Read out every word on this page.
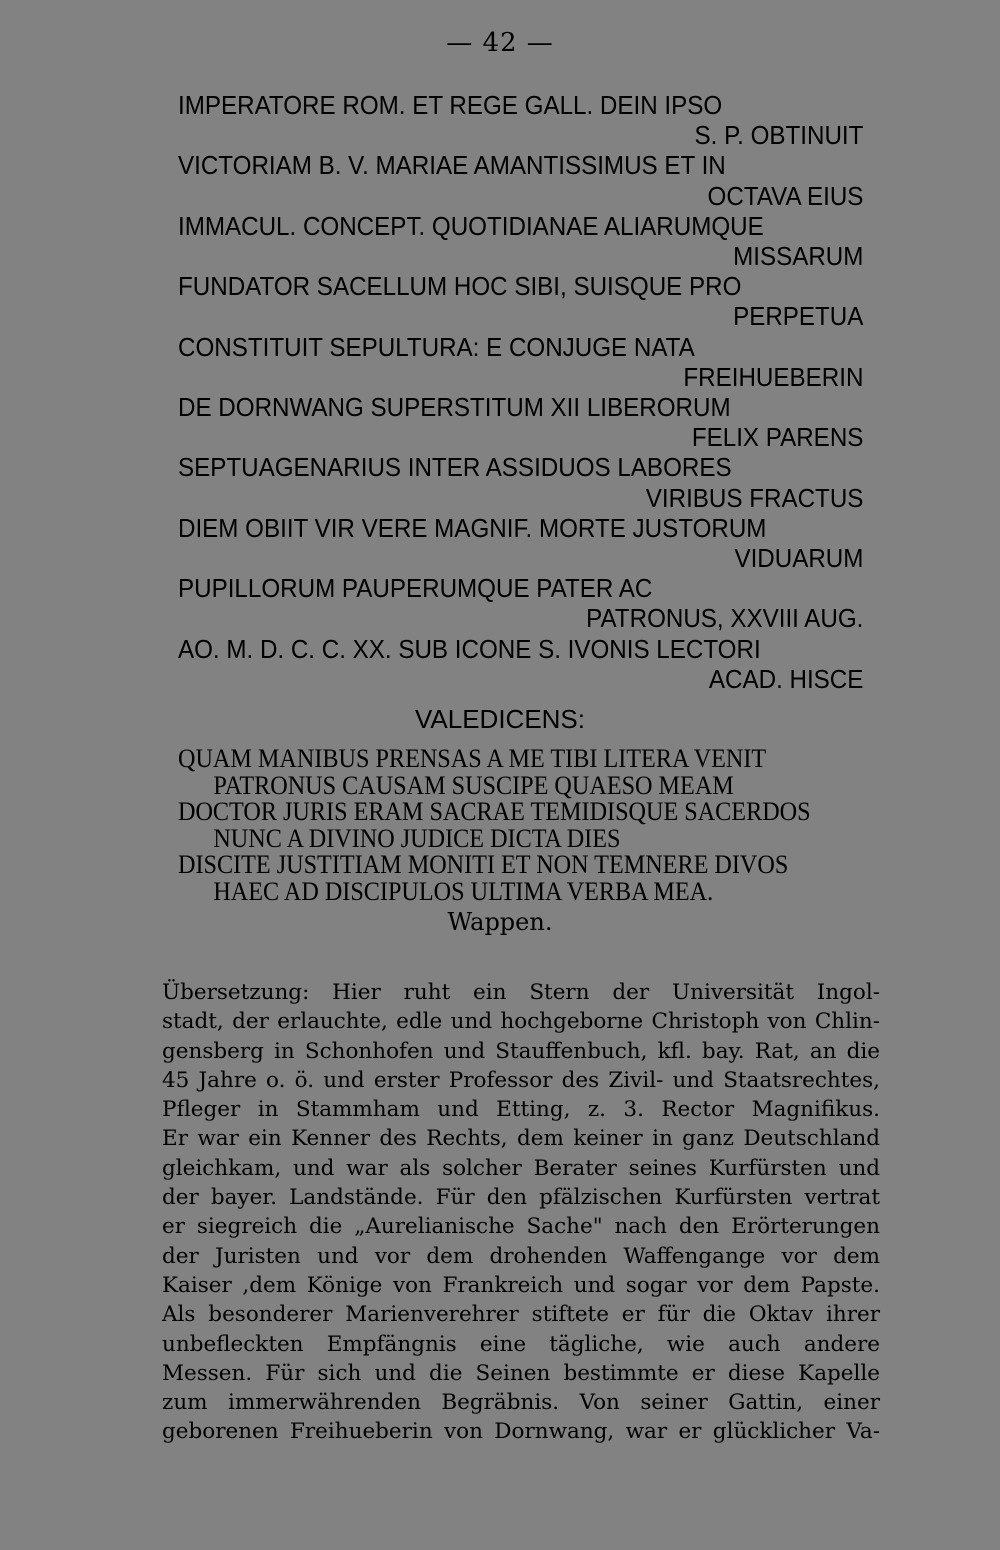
— 42 —
IMPERATORE ROM. ET REGE GALL. DEIN IPSO
S. P. OBTINUIT
VICTORIAM B. V. MARIAE AMANTISSIMUS ET IN
OCTAVA EIUS
IMMACUL. CONCEPT. QUOTIDIANAE ALIARUMQUE
MISSARUM
FUNDATOR SACELLUM HOC SIBI, SUISQUE PRO
PERPETUA
CONSTITUIT SEPULTURA: E CONJUGE NATA
FREIHUEBERIN
DE DORNWANG SUPERSTITUM XII LIBERORUM
FELIX PARENS
SEPTUAGENARIUS INTER ASSIDUOS LABORES
VIRIBUS FRACTUS
DIEM OBIIT VIR VERE MAGNIF. MORTE JUSTORUM
VIDUARUM
PUPILLORUM PAUPERUMQUE PATER AC
PATRONUS, XXVIII AUG.
AO. M. D. C. C. XX. SUB ICONE S. IVONIS LECTORI
ACAD. HISCE
VALEDICENS:
QUAM MANIBUS PRENSAS A ME TIBI LITERA VENIT
PATRONUS CAUSAM SUSCIPE QUAESO MEAM
DOCTOR JURIS ERAM SACRAE TEMIDISQUE SACERDOS
NUNC A DIVINO JUDICE DICTA DIES
DISCITE JUSTITIAM MONITI ET NON TEMNERE DIVOS
HAEC AD DISCIPULOS ULTIMA VERBA MEA.
Wappen.
Übersetzung: Hier ruht ein Stern der Universität Ingol-
stadt, der erlauchte, edle und hochgeborne Christoph von Chlin-
gensberg in Schonhofen und Stauffenbuch, kfl. bay. Rat, an die
45 Jahre o. ö. und erster Professor des Zivil- und Staatsrechtes,
Pfleger in Stammham und Etting, z. 3. Rector Magnifikus.
Er war ein Kenner des Rechts, dem keiner in ganz Deutschland
gleichkam, und war als solcher Berater seines Kurfürsten und
der bayer. Landstände. Für den pfälzischen Kurfürsten vertrat
er siegreich die „Aurelianische Sache" nach den Erörterungen
der Juristen und vor dem drohenden Waffengange vor dem
Kaiser ,dem Könige von Frankreich und sogar vor dem Papste.
Als besonderer Marienverehrer stiftete er für die Oktav ihrer
unbefleckten Empfängnis eine tägliche, wie auch andere
Messen. Für sich und die Seinen bestimmte er diese Kapelle
zum immerwährenden Begräbnis. Von seiner Gattin, einer
geborenen Freihueberin von Dornwang, war er glücklicher Va-
